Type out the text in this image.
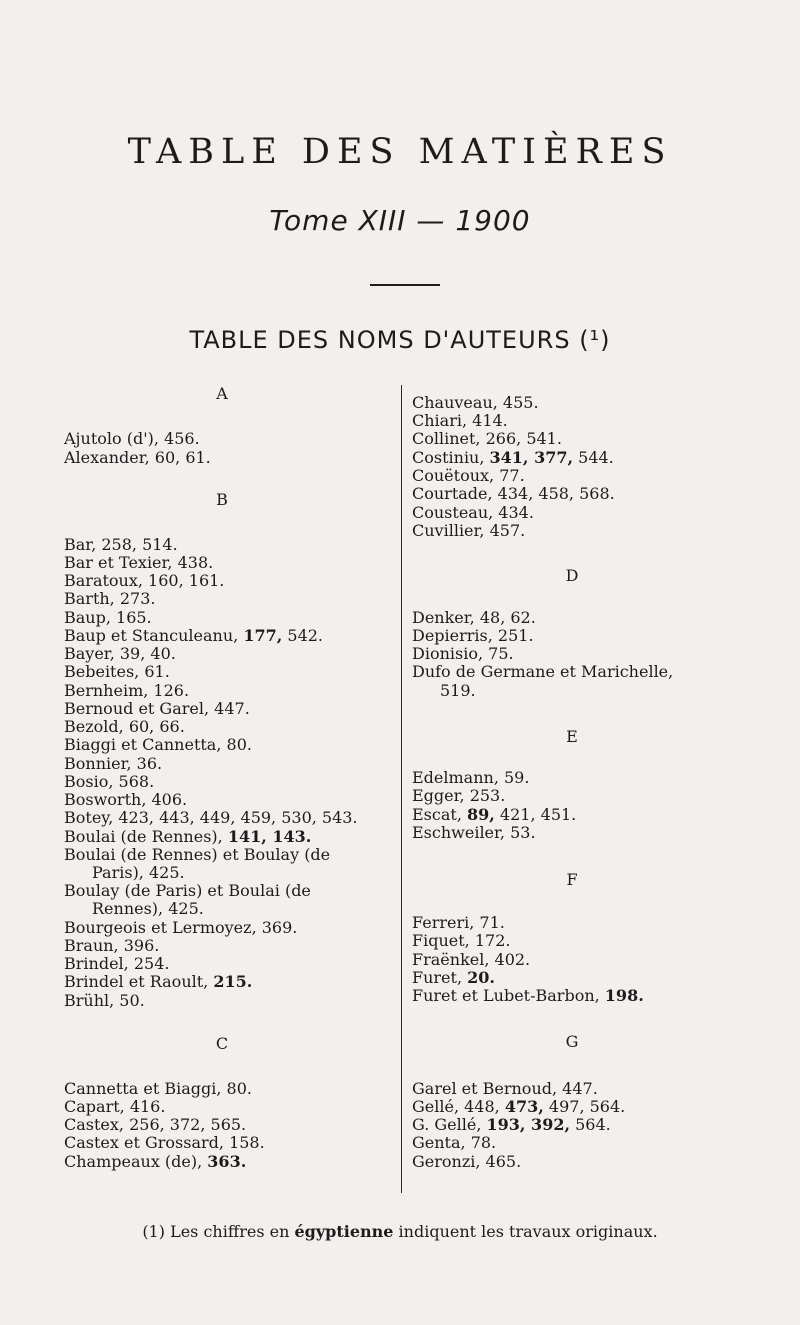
TABLE DES MATIÈRES
Tome XIII — 1900
TABLE DES NOMS D'AUTEURS (¹)
A
Ajutolo (d'), 456.
Alexander, 60, 61.
B
Bar, 258, 514.
Bar et Texier, 438.
Baratoux, 160, 161.
Barth, 273.
Baup, 165.
Baup et Stanculeanu, 177, 542.
Bayer, 39, 40.
Bebeites, 61.
Bernheim, 126.
Bernoud et Garel, 447.
Bezold, 60, 66.
Biaggi et Cannetta, 80.
Bonnier, 36.
Bosio, 568.
Bosworth, 406.
Botey, 423, 443, 449, 459, 530, 543.
Boulai (de Rennes), 141, 143.
Boulai (de Rennes) et Boulay (de
Paris), 425.
Boulay (de Paris) et Boulai (de
Rennes), 425.
Bourgeois et Lermoyez, 369.
Braun, 396.
Brindel, 254.
Brindel et Raoult, 215.
Brühl, 50.
C
Cannetta et Biaggi, 80.
Capart, 416.
Castex, 256, 372, 565.
Castex et Grossard, 158.
Champeaux (de), 363.
Chauveau, 455.
Chiari, 414.
Collinet, 266, 541.
Costiniu, 341, 377, 544.
Couëtoux, 77.
Courtade, 434, 458, 568.
Cousteau, 434.
Cuvillier, 457.
D
Denker, 48, 62.
Depierris, 251.
Dionisio, 75.
Dufo de Germane et Marichelle,
519.
E
Edelmann, 59.
Egger, 253.
Escat, 89, 421, 451.
Eschweiler, 53.
F
Ferreri, 71.
Fiquet, 172.
Fraënkel, 402.
Furet, 20.
Furet et Lubet-Barbon, 198.
G
Garel et Bernoud, 447.
Gellé, 448, 473, 497, 564.
G. Gellé, 193, 392, 564.
Genta, 78.
Geronzi, 465.
(1) Les chiffres en égyptienne indiquent les travaux originaux.
